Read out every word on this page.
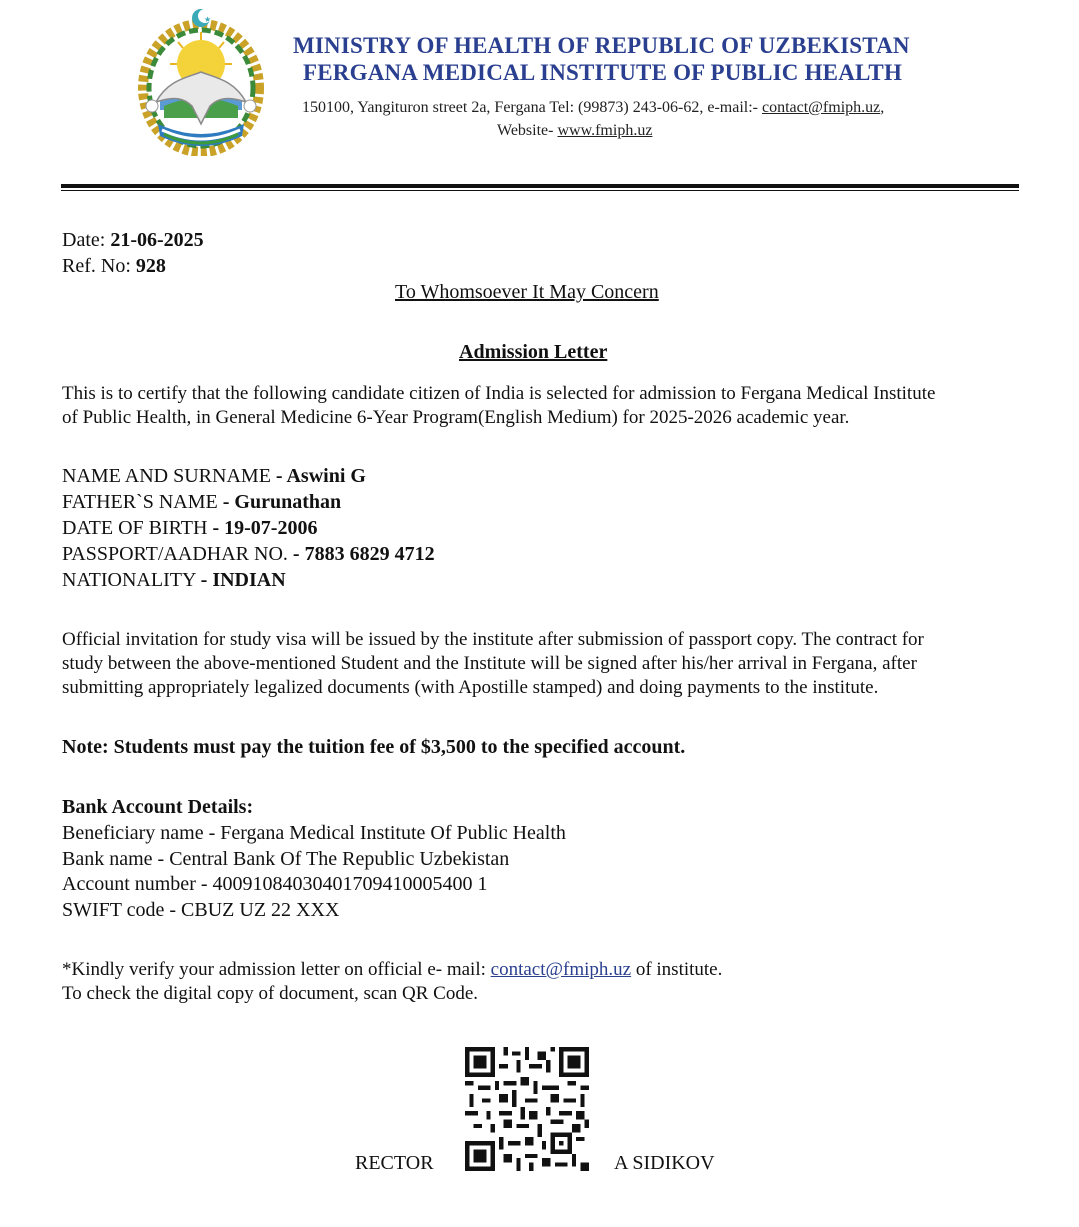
★
MINISTRY OF HEALTH OF REPUBLIC OF UZBEKISTAN
FERGANA MEDICAL INSTITUTE OF PUBLIC HEALTH
150100, Yangituron street 2a, Fergana Tel: (99873) 243-06-62, e-mail:- contact@fmiph.uz,
Website- www.fmiph.uz
Date: 21-06-2025
Ref. No: 928
To Whomsoever It May Concern
Admission Letter
This is to certify that the following candidate citizen of India is selected for admission to Fergana Medical Institute
of Public Health, in General Medicine 6-Year Program(English Medium) for 2025-2026 academic year.
NAME AND SURNAME - Aswini G
FATHER`S NAME - Gurunathan
DATE OF BIRTH - 19-07-2006
PASSPORT/AADHAR NO. - 7883 6829 4712
NATIONALITY - INDIAN
Official invitation for study visa will be issued by the institute after submission of passport copy. The contract for
study between the above-mentioned Student and the Institute will be signed after his/her arrival in Fergana, after
submitting appropriately legalized documents (with Apostille stamped) and doing payments to the institute.
Note: Students must pay the tuition fee of $3,500 to the specified account.
Bank Account Details:
Beneficiary name - Fergana Medical Institute Of Public Health
Bank name - Central Bank Of The Republic Uzbekistan
Account number - 40091084030401709410005400 1
SWIFT code - CBUZ UZ 22 XXX
*Kindly verify your admission letter on official e- mail: contact@fmiph.uz of institute.
To check the digital copy of document, scan QR Code.
RECTOR	A SIDIKOV
